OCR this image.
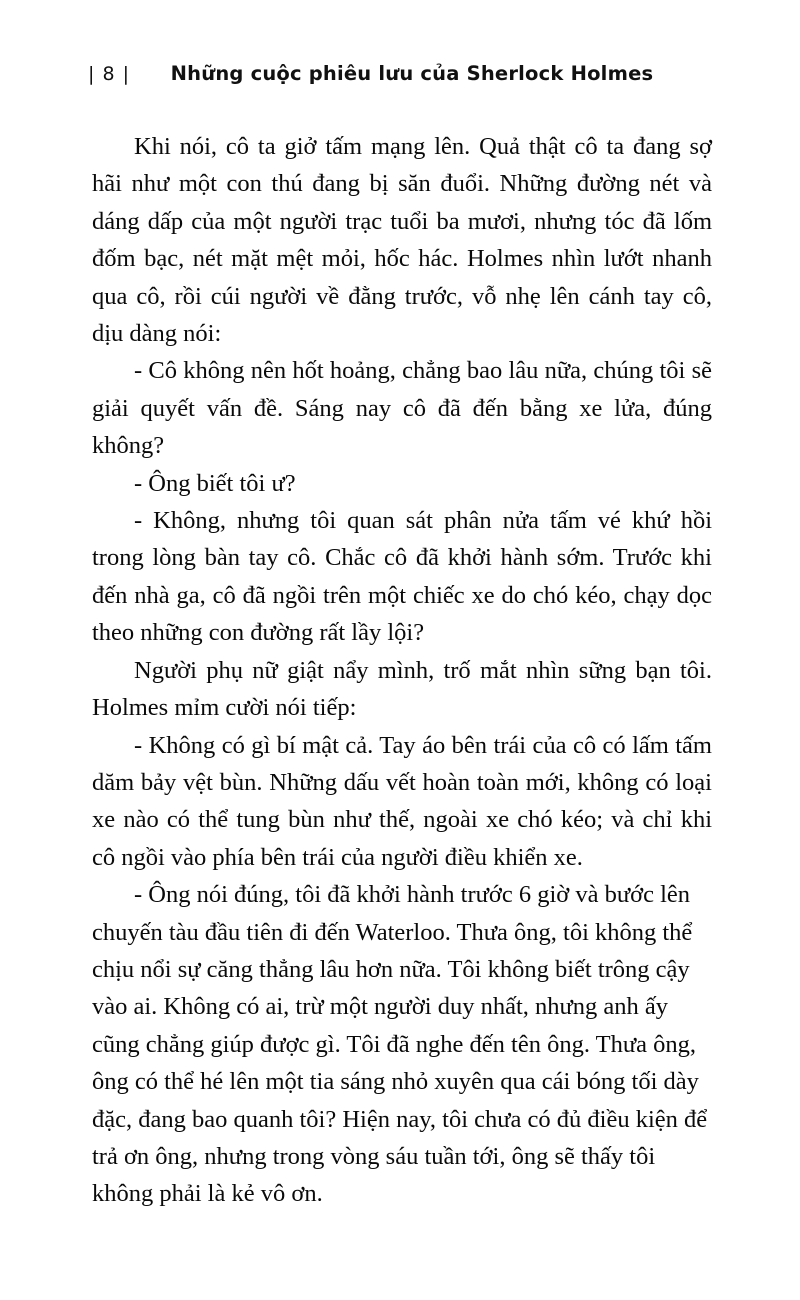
| 8 |	Những cuộc phiêu lưu của Sherlock Holmes

Khi nói, cô ta giở tấm mạng lên. Quả thật cô ta đang sợ hãi như một con thú đang bị săn đuổi. Những đường nét và dáng dấp của một người trạc tuổi ba mươi, nhưng tóc đã lốm đốm bạc, nét mặt mệt mỏi, hốc hác. Holmes nhìn lướt nhanh qua cô, rồi cúi người về đằng trước, vỗ nhẹ lên cánh tay cô, dịu dàng nói:

- Cô không nên hốt hoảng, chẳng bao lâu nữa, chúng tôi sẽ giải quyết vấn đề. Sáng nay cô đã đến bằng xe lửa, đúng không?

- Ông biết tôi ư?

- Không, nhưng tôi quan sát phân nửa tấm vé khứ hồi trong lòng bàn tay cô. Chắc cô đã khởi hành sớm. Trước khi đến nhà ga, cô đã ngồi trên một chiếc xe do chó kéo, chạy dọc theo những con đường rất lầy lội?

Người phụ nữ giật nẩy mình, trố mắt nhìn sững bạn tôi. Holmes mỉm cười nói tiếp:

- Không có gì bí mật cả. Tay áo bên trái của cô có lấm tấm dăm bảy vệt bùn. Những dấu vết hoàn toàn mới, không có loại xe nào có thể tung bùn như thế, ngoài xe chó kéo; và chỉ khi cô ngồi vào phía bên trái của người điều khiển xe.

- Ông nói đúng, tôi đã khởi hành trước 6 giờ và bước lên chuyến tàu đầu tiên đi đến Waterloo. Thưa ông, tôi không thể chịu nổi sự căng thẳng lâu hơn nữa. Tôi không biết trông cậy vào ai. Không có ai, trừ một người duy nhất, nhưng anh ấy cũng chẳng giúp được gì. Tôi đã nghe đến tên ông. Thưa ông, ông có thể hé lên một tia sáng nhỏ xuyên qua cái bóng tối dày đặc, đang bao quanh tôi? Hiện nay, tôi chưa có đủ điều kiện để trả ơn ông, nhưng trong vòng sáu tuần tới, ông sẽ thấy tôi không phải là kẻ vô ơn.
